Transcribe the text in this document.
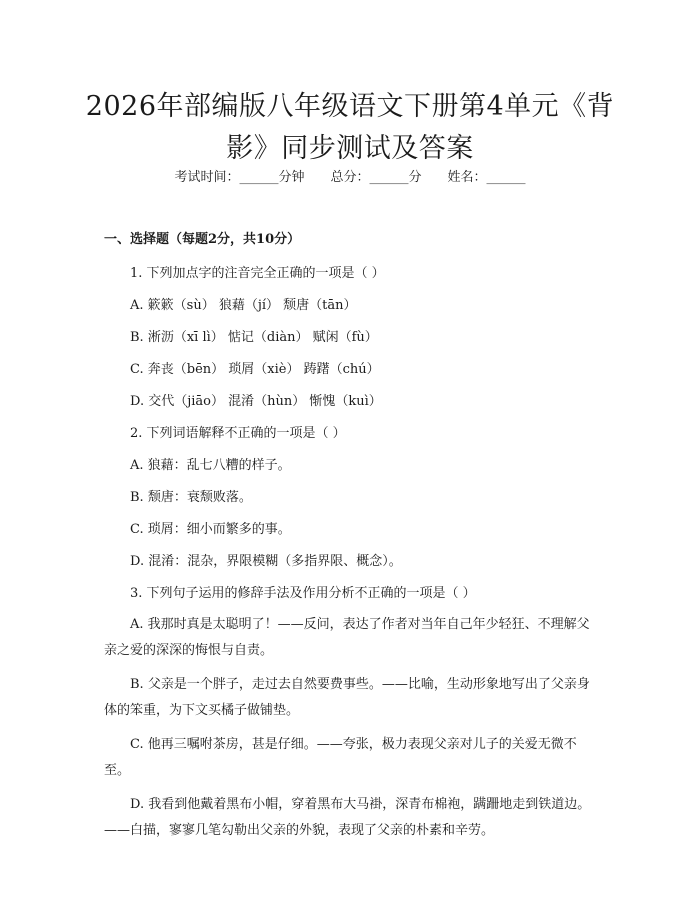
2026年部编版八年级语文下册第4单元《背
影》同步测试及答案
考试时间：______分钟 总分：______分 姓名：______
一、选择题（每题2分，共10分）
1. 下列加点字的注音完全正确的一项是（ ）
A. 簌簌（sù） 狼藉（jí） 颓唐（tān）
B. 淅沥（xī lì） 惦记（diàn） 赋闲（fù）
C. 奔丧（bēn） 琐屑（xiè） 踌躇（chú）
D. 交代（jiāo） 混淆（hùn） 惭愧（kuì）
2. 下列词语解释不正确的一项是（ ）
A. 狼藉：乱七八糟的样子。
B. 颓唐：衰颓败落。
C. 琐屑：细小而繁多的事。
D. 混淆：混杂，界限模糊（多指界限、概念）。
3. 下列句子运用的修辞手法及作用分析不正确的一项是（ ）
A. 我那时真是太聪明了！——反问，表达了作者对当年自己年少轻狂、不理解父亲之爱的深深的悔恨与自责。
B. 父亲是一个胖子，走过去自然要费事些。——比喻，生动形象地写出了父亲身体的笨重，为下文买橘子做铺垫。
C. 他再三嘱咐茶房，甚是仔细。——夸张，极力表现父亲对儿子的关爱无微不至。
D. 我看到他戴着黑布小帽，穿着黑布大马褂，深青布棉袍，蹒跚地走到铁道边。——白描，寥寥几笔勾勒出父亲的外貌，表现了父亲的朴素和辛劳。
